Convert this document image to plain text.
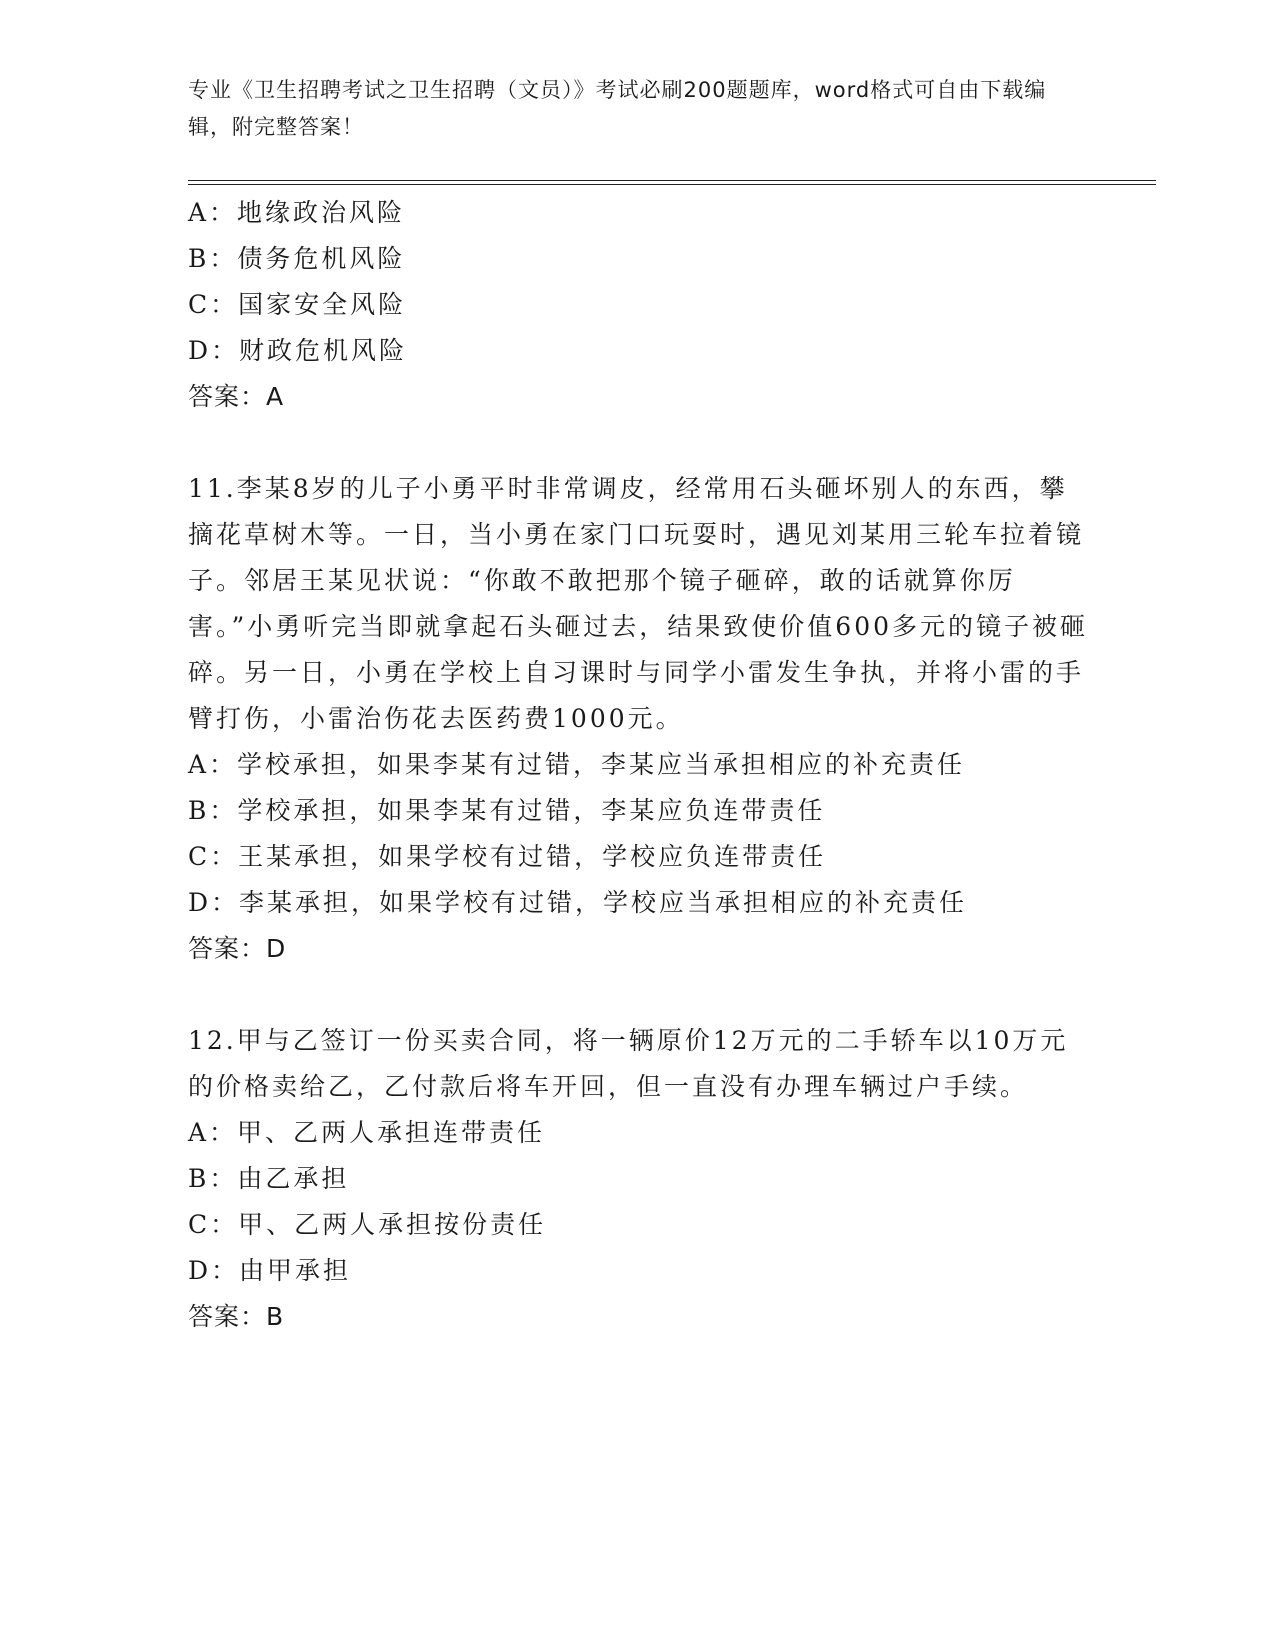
专业《卫生招聘考试之卫生招聘（文员）》考试必刷200题题库，word格式可自由下载编辑，附完整答案！
A：地缘政治风险
B：债务危机风险
C：国家安全风险
D：财政危机风险
答案：A
11.李某8岁的儿子小勇平时非常调皮，经常用石头砸坏别人的东西，攀摘花草树木等。一日，当小勇在家门口玩耍时，遇见刘某用三轮车拉着镜子。邻居王某见状说：“你敢不敢把那个镜子砸碎，敢的话就算你厉害。”小勇听完当即就拿起石头砸过去，结果致使价值600多元的镜子被砸碎。另一日，小勇在学校上自习课时与同学小雷发生争执，并将小雷的手臂打伤，小雷治伤花去医药费1000元。
A：学校承担，如果李某有过错，李某应当承担相应的补充责任
B：学校承担，如果李某有过错，李某应负连带责任
C：王某承担，如果学校有过错，学校应负连带责任
D：李某承担，如果学校有过错，学校应当承担相应的补充责任
答案：D
12.甲与乙签订一份买卖合同，将一辆原价12万元的二手轿车以10万元的价格卖给乙，乙付款后将车开回，但一直没有办理车辆过户手续。
A：甲、乙两人承担连带责任
B：由乙承担
C：甲、乙两人承担按份责任
D：由甲承担
答案：B
